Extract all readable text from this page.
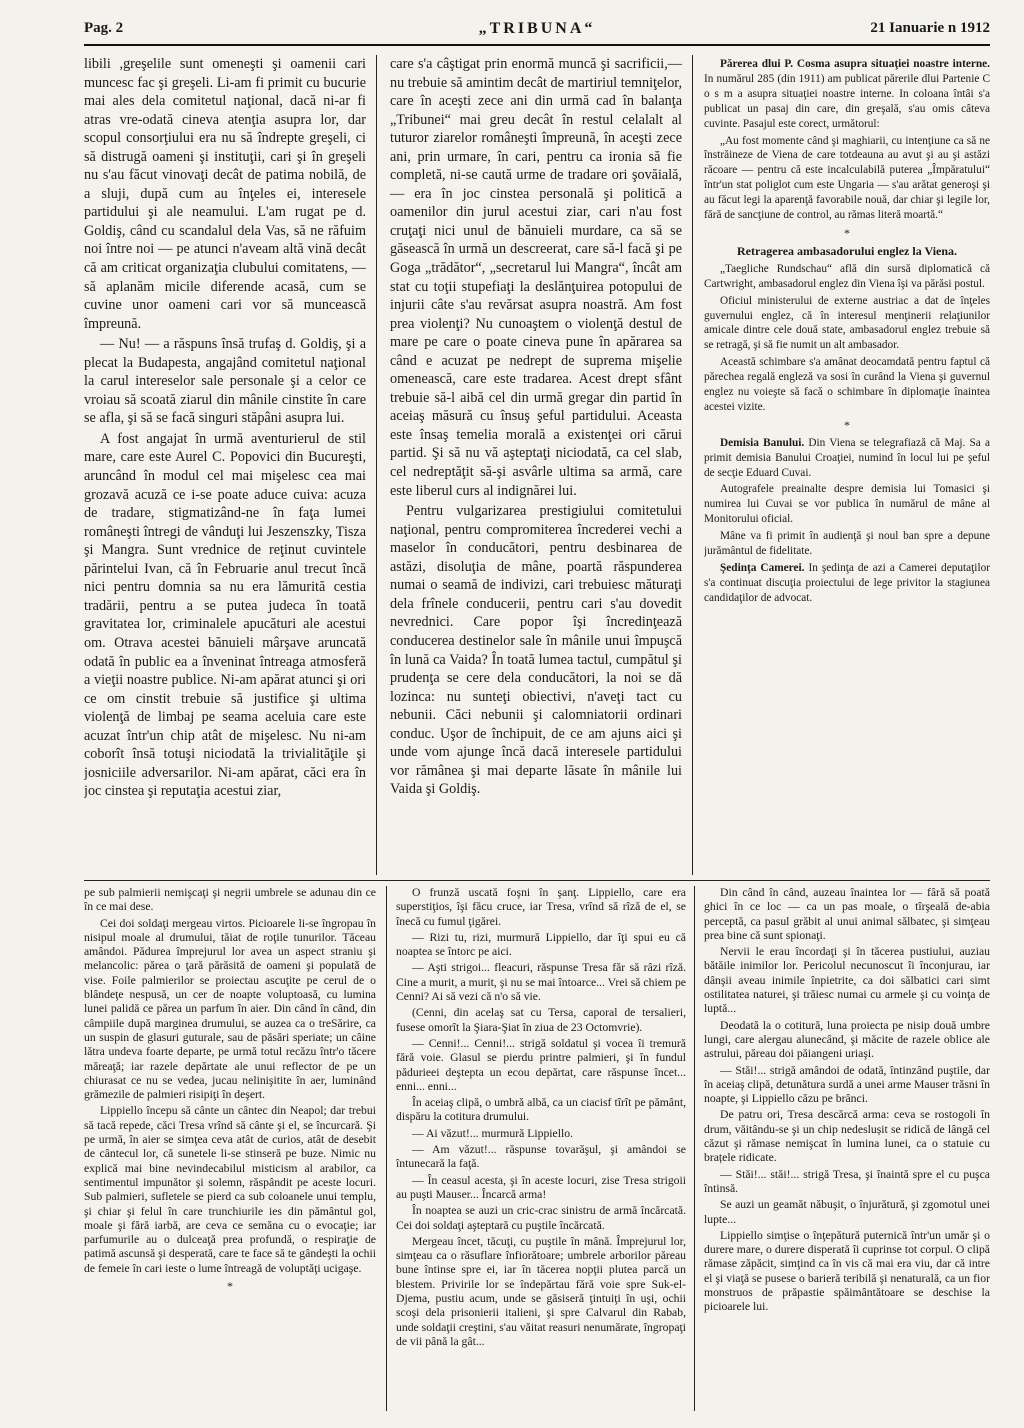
Pag. 2	„TRIBUNA“	21 Ianuarie n 1912

libili ,greşelile sunt omeneşti şi oamenii cari muncesc fac şi greşeli. Li-am fi primit cu bucurie mai ales dela comitetul naţional, dacă ni-ar fi atras vre-odată cineva atenţia asupra lor, dar scopul consorţiului era nu să îndrepte greşeli, ci să distrugă oameni şi instituţii, cari şi în greşeli nu s'au făcut vinovaţi decât de patima nobilă, de a sluji, după cum au înţeles ei, interesele partidului şi ale neamului. L'am rugat pe d. Goldiş, când cu scandalul dela Vas, să ne răfuim noi între noi — pe atunci n'aveam altă vină decât că am criticat organizaţia clubului comitatens, — să aplanăm micile diferende acasă, cum se cuvine unor oameni cari vor să muncească împreună.

— Nu! — a răspuns însă trufaş d. Goldiş, şi a plecat la Budapesta, angajând comitetul naţional la carul intereselor sale personale şi a celor ce vroiau să scoată ziarul din mânile cinstite în care se afla, şi să se facă singuri stăpâni asupra lui.

A fost angajat în urmă aventurierul de stil mare, care este Aurel C. Popovici din Bucureşti, aruncând în modul cel mai mişelesc cea mai grozavă acuză ce i-se poate aduce cuiva: acuza de tradare, stigmatizând-ne în faţa lumei româneşti întregi de vânduţi lui Jeszenszky, Tisza şi Mangra. Sunt vrednice de reţinut cuvintele părintelui Ivan, că în Februarie anul trecut încă nici pentru domnia sa nu era lămurită cestia tradării, pentru a se putea judeca în toată gravitatea lor, criminalele apucături ale acestui om. Otrava acestei bănuieli mârşave aruncată odată în public ea a înveninat întreaga atmosferă a vieţii noastre publice. Ni-am apărat atunci şi ori ce om cinstit trebuie să justifice şi ultima violenţă de limbaj pe seama aceluia care este acuzat într'un chip atât de mişelesc. Nu ni-am coborît însă totuşi niciodată la trivialităţile şi josniciile adversarilor. Ni-am apărat, căci era în joc cinstea şi reputaţia acestui ziar,

care s'a câştigat prin enormă muncă şi sacrificii,—nu trebuie să amintim decât de martiriul temniţelor, care în aceşti zece ani din urmă cad în balanţa „Tribunei“ mai greu decât în restul celalalt al tuturor ziarelor româneşti împreună, în aceşti zece ani, prin urmare, în cari, pentru ca ironia să fie completă, ni-se caută urme de tradare ori şovăială, — era în joc cinstea personală şi politică a oamenilor din jurul acestui ziar, cari n'au fost cruţaţi nici unul de bănuieli murdare, ca să se găsească în urmă un descreerat, care să-l facă şi pe Goga „trădător“, „secretarul lui Mangra“, încât am stat cu toţii stupefiaţi la deslănţuirea potopului de injurii câte s'au revărsat asupra noastră. Am fost prea violenţi? Nu cunoaştem o violenţă destul de mare pe care o poate cineva pune în apărarea sa când e acuzat pe nedrept de suprema mişelie omenească, care este tradarea. Acest drept sfânt trebuie să-l aibă cel din urmă gregar din partid în aceiaş măsură cu însuş şeful partidului. Aceasta este însaş temelia morală a existenţei ori cărui partid. Şi să nu vă aşteptaţi niciodată, ca cel slab, cel nedreptăţit să-şi asvârle ultima sa armă, care este liberul curs al indignărei lui.

Pentru vulgarizarea prestigiului comitetului naţional, pentru compromiterea încrederei vechi a maselor în conducători, pentru desbinarea de astăzi, disoluţia de mâne, poartă răspunderea numai o seamă de indivizi, cari trebuiesc măturaţi dela frînele conducerii, pentru cari s'au dovedit nevrednici. Care popor îşi încredinţează conducerea destinelor sale în mânile unui împuşcă în lună ca Vaida? În toată lumea tactul, cumpătul şi prudenţa se cere dela conducători, la noi se dă lozinca: nu sunteţi obiectivi, n'aveţi tact cu nebunii. Căci nebunii şi calomniatorii ordinari conduc. Uşor de închipuit, de ce am ajuns aici şi unde vom ajunge încă dacă interesele partidului vor rămânea şi mai departe lăsate în mânile lui Vaida şi Goldiş.

Părerea dlui P. Cosma asupra situaţiei noastre interne. In numărul 285 (din 1911) am publicat părerile dlui Partenie C o s m a asupra situaţiei noastre interne. In coloana întâi s'a publicat un pasaj din care, din greşală, s'au omis câteva cuvinte. Pasajul este corect, următorul:

„Au fost momente când şi maghiarii, cu intenţiune ca să ne înstrăineze de Viena de care totdeauna au avut şi au şi astăzi răcoare — pentru că este incalculabilă puterea „Împăratului“ într'un stat poliglot cum este Ungaria — s'au arătat generoşi şi au făcut legi la aparenţă favorabile nouă, dar chiar şi legile lor, fără de sancţiune de control, au rămas literă moartă.“

*

Retragerea ambasadorului englez la Viena.

„Taegliche Rundschau“ află din sursă diplomatică că Cartwright, ambasadorul englez din Viena îşi va părăsi postul.

Oficiul ministerului de externe austriac a dat de înţeles guvernului englez, că în interesul menţinerii relaţiunilor amicale dintre cele două state, ambasadorul englez trebuie să se retragă, şi să fie numit un alt ambasador.

Această schimbare s'a amânat deocamdată pentru faptul că părechea regală engleză va sosi în curând la Viena şi guvernul englez nu voieşte să facă o schimbare în diplomaţie înaintea acestei vizite.

*

Demisia Banului. Din Viena se telegrafiază că Maj. Sa a primit demisia Banului Croaţiei, numind în locul lui pe şeful de secţie Eduard Cuvai.

Autografele preainalte despre demisia lui Tomasici şi numirea lui Cuvai se vor publica în numărul de mâne al Monitorului oficial.

Mâne va fi primit în audienţă şi noul ban spre a depune jurământul de fidelitate.

Şedinţa Camerei. In şedinţa de azi a Camerei deputaţilor s'a continuat discuţia proiectului de lege privitor la stagiunea candidaţilor de advocat.

pe sub palmierii nemişcaţi şi negrii umbrele se adunau din ce în ce mai dese.

Cei doi soldaţi mergeau virtos. Picioarele li-se îngropau în nisipul moale al drumului, tăiat de roţile tunurilor. Tăceau amândoi. Pădurea împrejurul lor avea un aspect straniu şi melancolic: părea o ţară părăsită de oameni şi populată de vise. Foile palmierilor se proiectau ascuţite pe cerul de o blândeţe nespusă, un cer de noapte voluptoasă, cu lumina lunei palidă ce părea un parfum în aier. Din când în când, din câmpiile după marginea drumului, se auzea ca o treSărire, ca un suspin de glasuri guturale, sau de păsări speriate; un câine lătra undeva foarte departe, pe urmă totul recăzu într'o tăcere măreaţă; iar razele depărtate ale unui reflector de pe un chiurasat ce nu se vedea, jucau nelinişitite în aer, luminând grămezile de palmieri risipiţi în deşert.

Lippiello începu să cânte un cântec din Neapol; dar trebui să tacă repede, căci Tresa vrînd să cânte şi el, se încurcară. Şi pe urmă, în aier se simţea ceva atât de curios, atât de desebit de cântecul lor, că sunetele li-se stinseră pe buze. Nimic nu explică mai bine nevindecabilul misticism al arabilor, ca sentimentul impunător şi solemn, răspândit pe aceste locuri. Sub palmieri, sufletele se pierd ca sub coloanele unui templu, şi chiar şi felul în care trunchiurile ies din pământul gol, moale şi fără iarbă, are ceva ce semăna cu o evocaţie; iar parfumurile au o dulceaţă prea profundă, o respiraţie de patimă ascunsă şi desperată, care te face să te gândeşti la ochii de femeie în cari ieste o lume întreagă de voluptăţi ucigaşe.

*

O frunză uscată foşni în şanţ. Lippiello, care era superstiţios, îşi făcu cruce, iar Tresa, vrînd să rîză de el, se înecă cu fumul ţigărei.

— Rizi tu, rizi, murmură Lippiello, dar îţi spui eu că noaptea se întorc pe aici.

— Aşti strigoi... fleacuri, răspunse Tresa făr să râzi rîză. Cine a murit, a murit, şi nu se mai întoarce... Vrei să chiem pe Cenni? Ai să vezi că n'o să vie.

(Cenni, din acelaş sat cu Tersa, caporal de tersalieri, fusese omorît la Şiara-Şiat în ziua de 23 Octomvrie).

— Cenni!... Cenni!... strigă soldatul şi vocea îi tremură fără voie. Glasul se pierdu printre palmieri, şi în fundul pădurieei deştepta un ecou depărtat, care răspunse încet... enni... enni...

În aceiaş clipă, o umbră albă, ca un ciacisf tîrît pe pământ, dispăru la cotitura drumului.

— Ai văzut!... murmură Lippiello.

— Am văzut!... răspunse tovarăşul, şi amândoi se întunecară la faţă.

— În ceasul acesta, şi în aceste locuri, zise Tresa strigoii au puşti Mauser... Încarcă arma!

În noaptea se auzi un cric-crac sinistru de armă încărcată. Cei doi soldaţi aşteptară cu puştile încărcată.

Mergeau încet, tăcuţi, cu puştile în mână. Împrejurul lor, simţeau ca o răsuflare înfiorătoare; umbrele arborilor păreau bune întinse spre ei, iar în tăcerea nopţii plutea parcă un blestem. Privirile lor se îndepărtau fără voie spre Suk-el-Djema, pustiu acum, unde se găsiseră ţintuiţi în uşi, ochii scoşi dela prisonierii italieni, şi spre Calvarul din Rabab, unde soldaţii creştini, s'au văitat reasuri nenumărate, îngropaţi de vii până la gât...

Din când în când, auzeau înaintea lor — fâră să poată ghici în ce loc — ca un pas moale, o tîrşeală de-abia perceptă, ca pasul grăbit al unui animal sălbatec, şi simţeau prea bine că sunt spionaţi.

Nervii le erau încordaţi şi în tăcerea pustiului, auziau bătăile inimilor lor. Pericolul necunoscut îi înconjurau, iar dânşii aveau inimile înpietrite, ca doi sălbatici cari simt ostilitatea naturei, şi trăiesc numai cu armele şi cu voinţa de luptă...

Deodată la o cotitură, luna proiecta pe nisip două umbre lungi, care alergau alunecând, şi măcite de razele oblice ale astrului, păreau doi păiangeni uriaşi.

— Stăi!... strigă amândoi de odată, întinzând puştile, dar în aceiaş clipă, detunătura surdă a unei arme Mauser trăsni în noapte, şi Lippiello căzu pe brânci.

De patru ori, Tresa descărcă arma: ceva se rostogoli în drum, văitându-se şi un chip nedeslușit se ridică de lângă cel căzut şi rămase nemişcat în lumina lunei, ca o statuie cu brațele ridicate.

— Stăi!... stăi!... strigă Tresa, şi înaintă spre el cu puşca întinsă.

Se auzi un geamăt năbuşit, o înjurătură, şi zgomotul unei lupte...

Lippiello simţise o înţepătură puternică într'un umăr şi o durere mare, o durere disperată îi cuprinse tot corpul. O clipă rămase zăpăcit, simţind ca în vis că mai era viu, dar că intre el şi viaţă se pusese o barieră teribilă şi nenaturală, ca un fior monstruos de prăpastie spăimântătoare se deschise la picioarele lui.
